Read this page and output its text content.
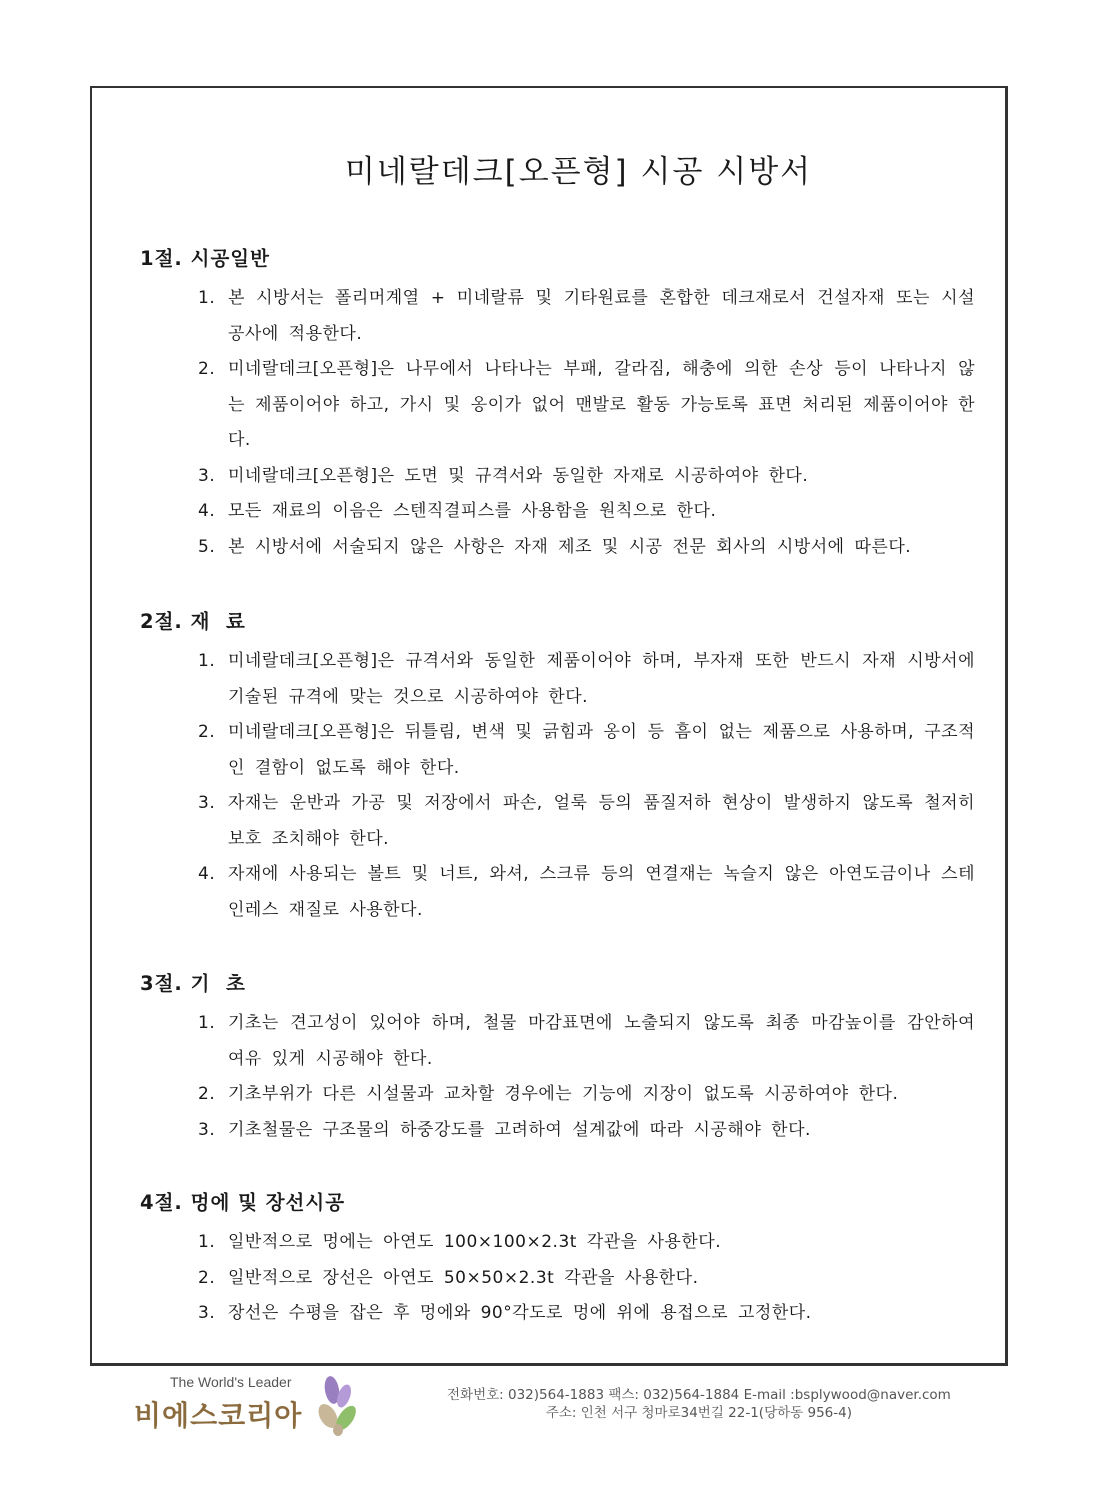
미네랄데크[오픈형] 시공 시방서
1절. 시공일반
1. 본 시방서는 폴리머계열 + 미네랄류 및 기타원료를 혼합한 데크재로서 건설자재 또는 시설공사에 적용한다.
2. 미네랄데크[오픈형]은 나무에서 나타나는 부패, 갈라짐, 해충에 의한 손상 등이 나타나지 않는 제품이어야 하고, 가시 및 옹이가 없어 맨발로 활동 가능토록 표면 처리된 제품이어야 한다.
3. 미네랄데크[오픈형]은 도면 및 규격서와 동일한 자재로 시공하여야 한다.
4. 모든 재료의 이음은 스텐직결피스를 사용함을 원칙으로 한다.
5. 본 시방서에 서술되지 않은 사항은 자재 제조 및 시공 전문 회사의 시방서에 따른다.
2절. 재  료
1. 미네랄데크[오픈형]은 규격서와 동일한 제품이어야 하며, 부자재 또한 반드시 자재 시방서에 기술된 규격에 맞는 것으로 시공하여야 한다.
2. 미네랄데크[오픈형]은 뒤틀림, 변색 및 긁힘과 옹이 등 흠이 없는 제품으로 사용하며, 구조적인 결함이 없도록 해야 한다.
3. 자재는 운반과 가공 및 저장에서 파손, 얼룩 등의 품질저하 현상이 발생하지 않도록 철저히 보호 조치해야 한다.
4. 자재에 사용되는 볼트 및 너트, 와셔, 스크류 등의 연결재는 녹슬지 않은 아연도금이나 스테인레스 재질로 사용한다.
3절. 기  초
1. 기초는 견고성이 있어야 하며, 철물 마감표면에 노출되지 않도록 최종 마감높이를 감안하여 여유 있게 시공해야 한다.
2. 기초부위가 다른 시설물과 교차할 경우에는 기능에 지장이 없도록 시공하여야 한다.
3. 기초철물은 구조물의 하중강도를 고려하여 설계값에 따라 시공해야 한다.
4절. 멍에 및 장선시공
1. 일반적으로 멍에는 아연도 100×100×2.3t 각관을 사용한다.
2. 일반적으로 장선은 아연도 50×50×2.3t 각관을 사용한다.
3. 장선은 수평을 잡은 후 멍에와 90°각도로 멍에 위에 용접으로 고정한다.
The World's Leader
비에스코리아
전화번호: 032)564-1883 팩스: 032)564-1884 E-mail :bsplywood@naver.com
주소: 인천 서구 청마로34번길 22-1(당하동 956-4)
